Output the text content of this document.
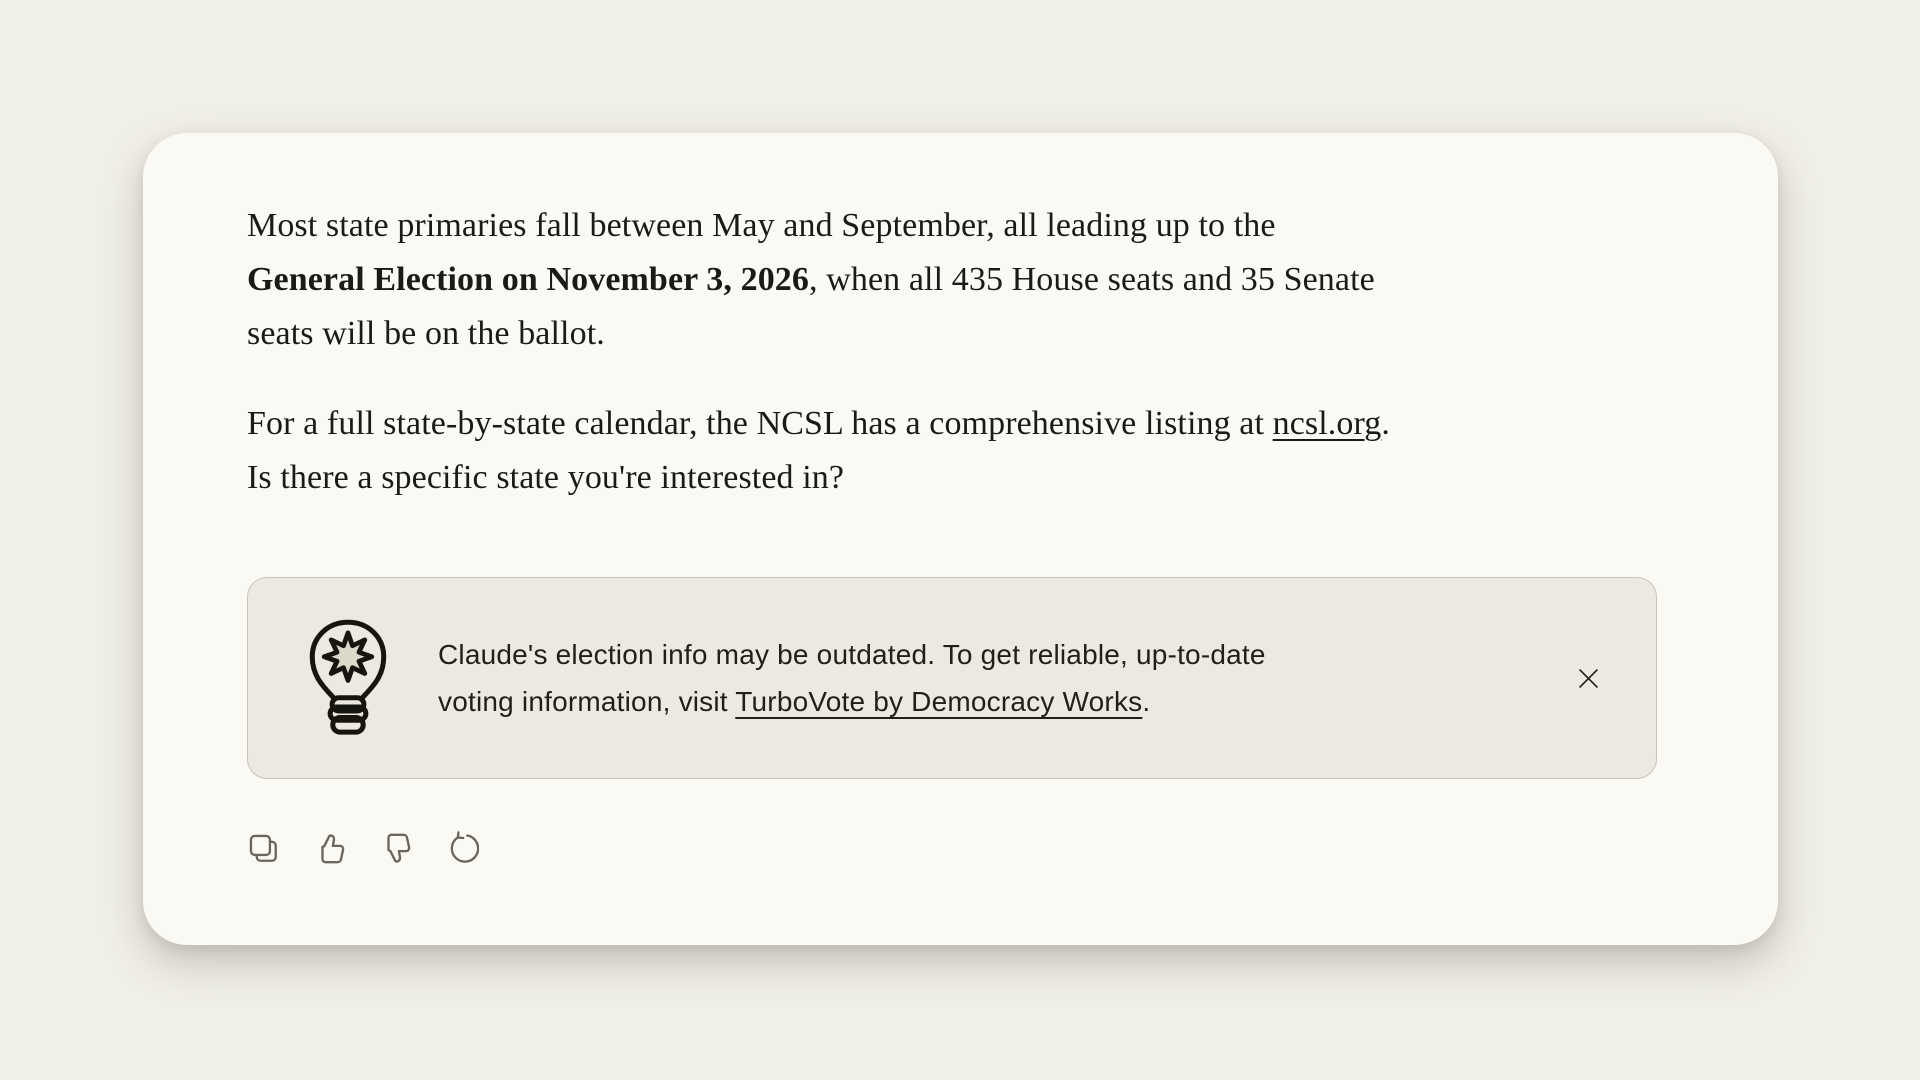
Most state primaries fall between May and September, all leading up to the
General Election on November 3, 2026, when all 435 House seats and 35 Senate
seats will be on the ballot.

For a full state-by-state calendar, the NCSL has a comprehensive listing at ncsl.org.
Is there a specific state you're interested in?

Claude's election info may be outdated. To get reliable, up-to-date
voting information, visit TurboVote by Democracy Works.
